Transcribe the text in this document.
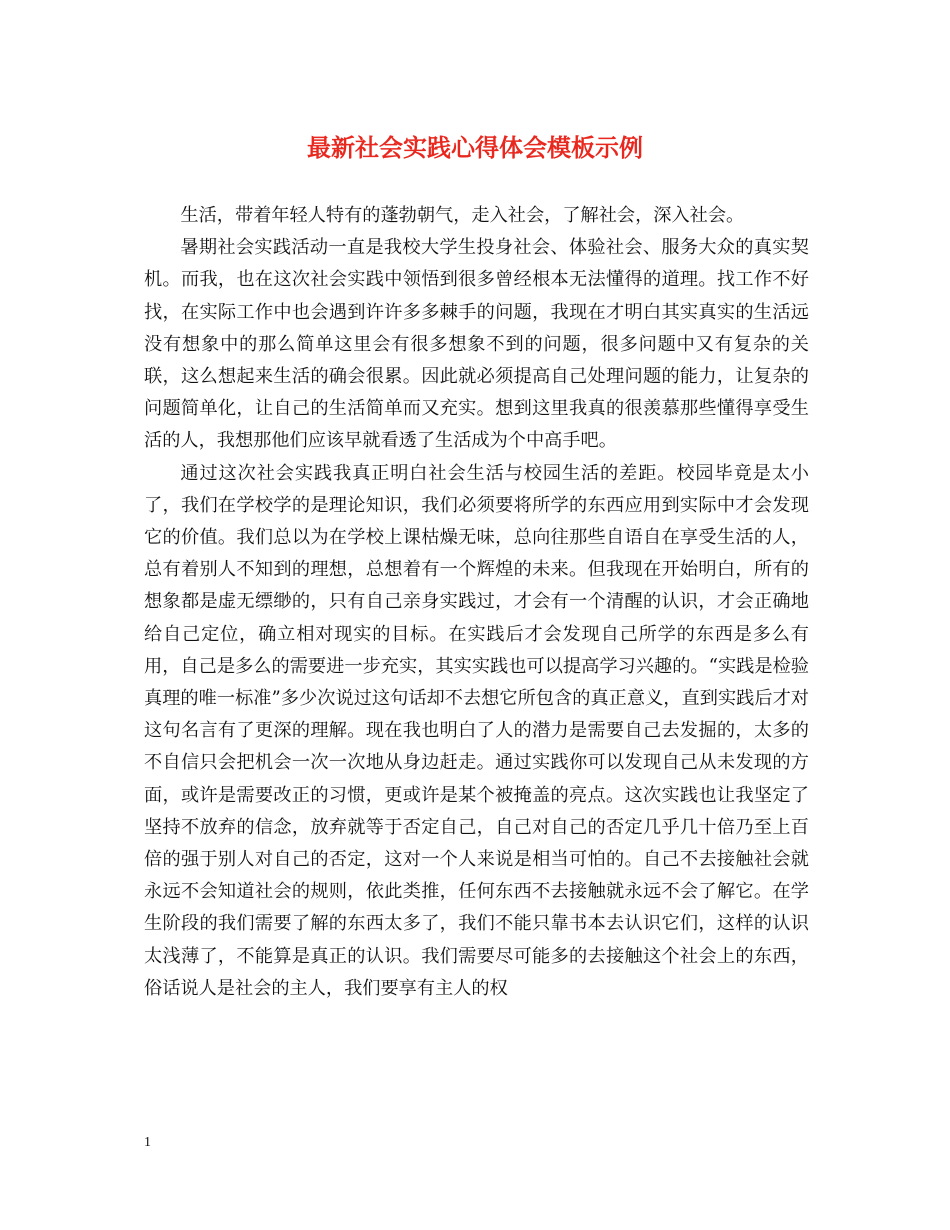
最新社会实践心得体会模板示例

生活，带着年轻人特有的蓬勃朝气，走入社会，了解社会，深入社会。

暑期社会实践活动一直是我校大学生投身社会、体验社会、服务大众的真实契机。而我，也在这次社会实践中领悟到很多曾经根本无法懂得的道理。找工作不好找，在实际工作中也会遇到许许多多棘手的问题，我现在才明白其实真实的生活远没有想象中的那么简单这里会有很多想象不到的问题，很多问题中又有复杂的关联，这么想起来生活的确会很累。因此就必须提高自己处理问题的能力，让复杂的问题简单化，让自己的生活简单而又充实。想到这里我真的很羡慕那些懂得享受生活的人，我想那他们应该早就看透了生活成为个中高手吧。

通过这次社会实践我真正明白社会生活与校园生活的差距。校园毕竟是太小了，我们在学校学的是理论知识，我们必须要将所学的东西应用到实际中才会发现它的价值。我们总以为在学校上课枯燥无味，总向往那些自语自在享受生活的人，总有着别人不知到的理想，总想着有一个辉煌的未来。但我现在开始明白，所有的想象都是虚无缥缈的，只有自己亲身实践过，才会有一个清醒的认识，才会正确地给自己定位，确立相对现实的目标。在实践后才会发现自己所学的东西是多么有用，自己是多么的需要进一步充实，其实实践也可以提高学习兴趣的。“实践是检验真理的唯一标准”多少次说过这句话却不去想它所包含的真正意义，直到实践后才对这句名言有了更深的理解。现在我也明白了人的潜力是需要自己去发掘的，太多的不自信只会把机会一次一次地从身边赶走。通过实践你可以发现自己从未发现的方面，或许是需要改正的习惯，更或许是某个被掩盖的亮点。这次实践也让我坚定了坚持不放弃的信念，放弃就等于否定自己，自己对自己的否定几乎几十倍乃至上百倍的强于别人对自己的否定，这对一个人来说是相当可怕的。自己不去接触社会就永远不会知道社会的规则，依此类推，任何东西不去接触就永远不会了解它。在学生阶段的我们需要了解的东西太多了，我们不能只靠书本去认识它们，这样的认识太浅薄了，不能算是真正的认识。我们需要尽可能多的去接触这个社会上的东西，俗话说人是社会的主人，我们要享有主人的权

1
